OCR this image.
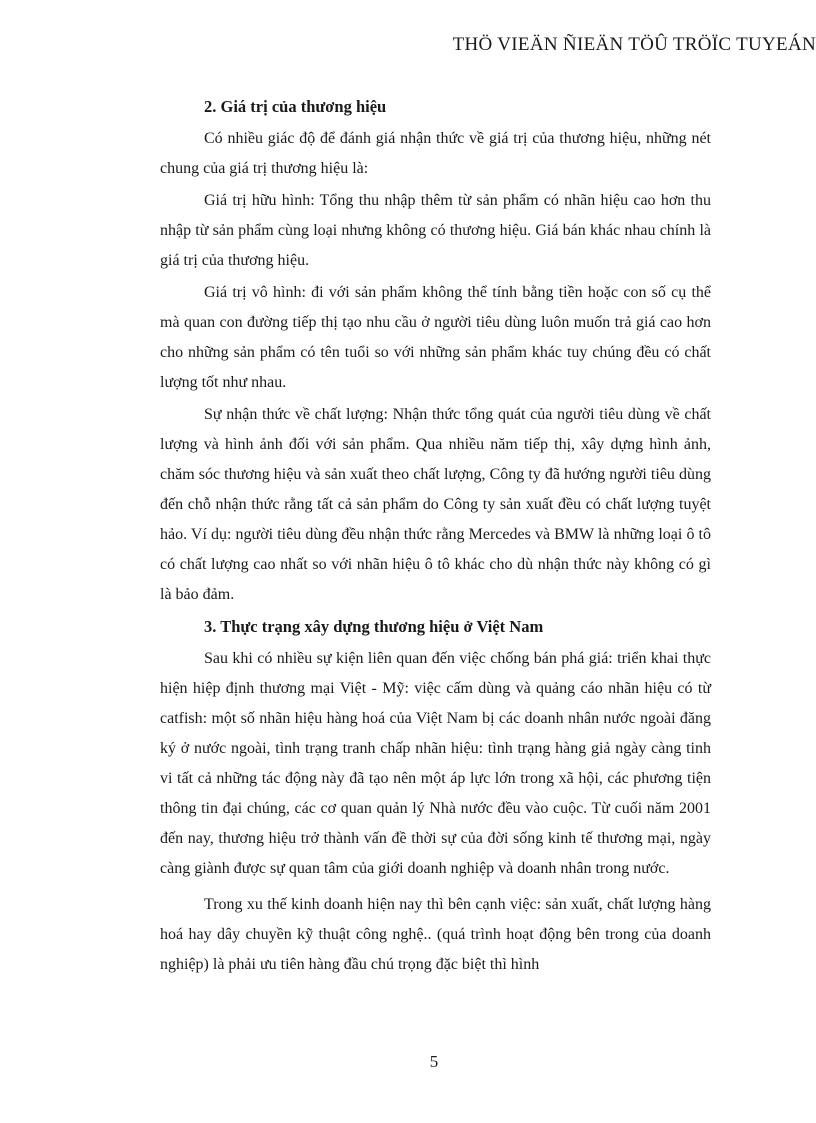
THÖ VIEÄN ÑIEÄN TÖÛ TRÖÏC TUYEÁN
2. Giá trị của thương hiệu

Có nhiều giác độ để đánh giá nhận thức về giá trị của thương hiệu, những nét chung của giá trị thương hiệu là:

Giá trị hữu hình: Tổng thu nhập thêm từ sản phẩm có nhãn hiệu cao hơn thu nhập từ sản phẩm cùng loại nhưng không có thương hiệu. Giá bán khác nhau chính là giá trị của thương hiệu.

Giá trị vô hình: đi với sản phẩm không thể tính bằng tiền hoặc con số cụ thể mà quan con đường tiếp thị tạo nhu cầu ở người tiêu dùng luôn muốn trả giá cao hơn cho những sản phẩm có tên tuổi so với những sản phẩm khác tuy chúng đều có chất lượng tốt như nhau.

Sự nhận thức về chất lượng: Nhận thức tổng quát của người tiêu dùng về chất lượng và hình ảnh đối với sản phẩm. Qua nhiều năm tiếp thị, xây dựng hình ảnh, chăm sóc thương hiệu và sản xuất theo chất lượng, Công ty đã hướng người tiêu dùng đến chỗ nhận thức rằng tất cả sản phẩm do Công ty sản xuất đều có chất lượng tuyệt hảo. Ví dụ: người tiêu dùng đều nhận thức rằng Mercedes và BMW là những loại ô tô có chất lượng cao nhất so với nhãn hiệu ô tô khác cho dù nhận thức này không có gì là bảo đảm.

3. Thực trạng xây dựng thương hiệu ở Việt Nam

Sau khi có nhiều sự kiện liên quan đến việc chống bán phá giá: triển khai thực hiện hiệp định thương mại Việt - Mỹ: việc cấm dùng và quảng cáo nhãn hiệu có từ catfish: một số nhãn hiệu hàng hoá của Việt Nam bị các doanh nhân nước ngoài đăng ký ở nước ngoài, tình trạng tranh chấp nhãn hiệu: tình trạng hàng giả ngày càng tinh vi tất cả những tác động này đã tạo nên một áp lực lớn trong xã hội, các phương tiện thông tin đại chúng, các cơ quan quản lý Nhà nước đều vào cuộc. Từ cuối năm 2001 đến nay, thương hiệu trở thành vấn đề thời sự của đời sống kinh tế thương mại, ngày càng giành được sự quan tâm của giới doanh nghiệp và doanh nhân trong nước.

Trong xu thế kinh doanh hiện nay thì bên cạnh việc: sản xuất, chất lượng hàng hoá hay dây chuyền kỹ thuật công nghệ.. (quá trình hoạt động bên trong của doanh nghiệp) là phải ưu tiên hàng đầu chú trọng đặc biệt thì hình

5
